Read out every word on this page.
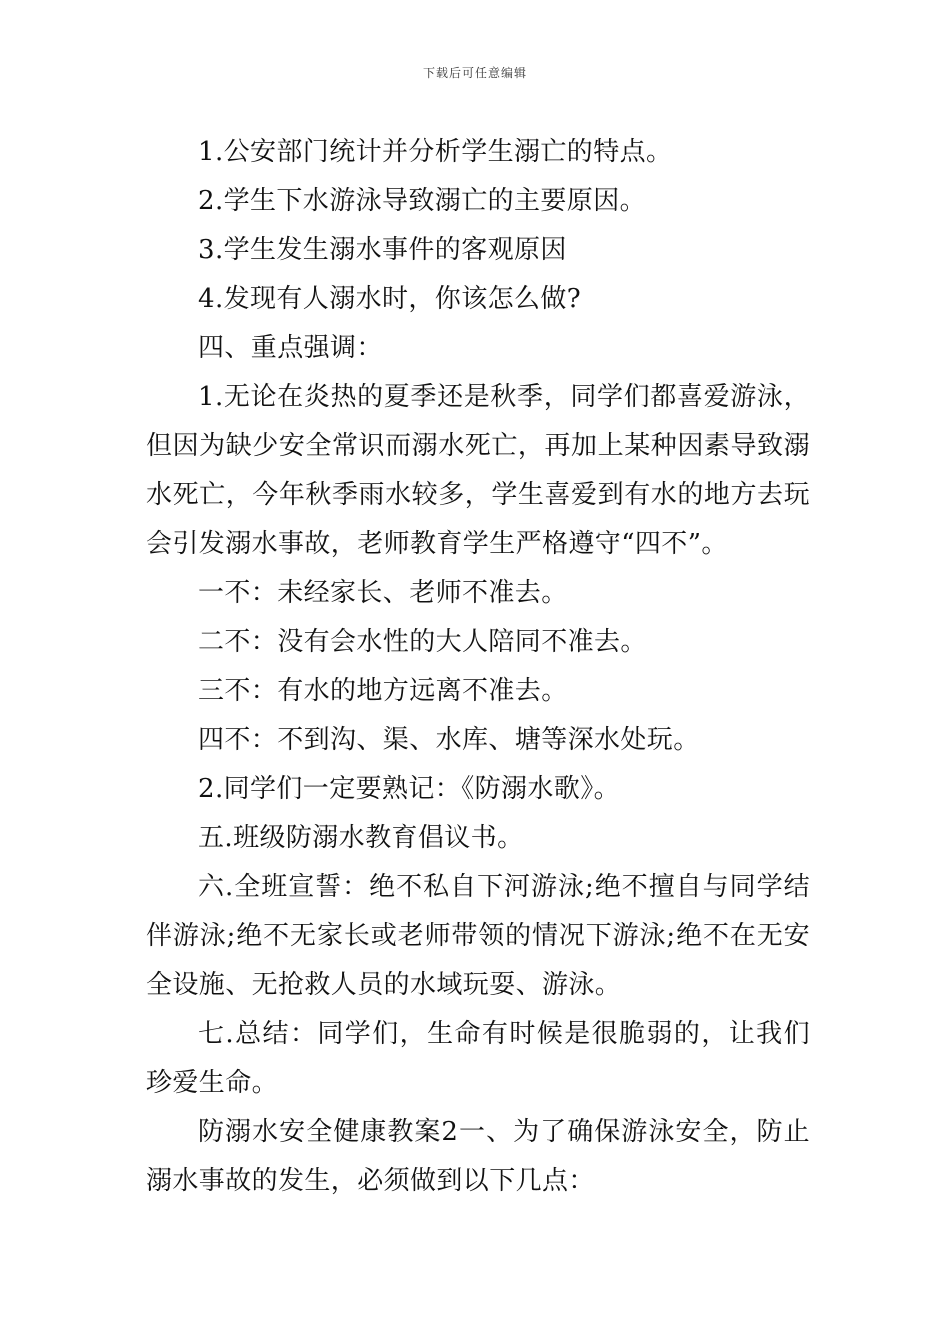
下载后可任意编辑

1.公安部门统计并分析学生溺亡的特点。

2.学生下水游泳导致溺亡的主要原因。

3.学生发生溺水事件的客观原因

4.发现有人溺水时，你该怎么做?

四、重点强调：

1.无论在炎热的夏季还是秋季，同学们都喜爱游泳，但因为缺少安全常识而溺水死亡，再加上某种因素导致溺水死亡，今年秋季雨水较多，学生喜爱到有水的地方去玩会引发溺水事故，老师教育学生严格遵守“四不”。

一不：未经家长、老师不准去。

二不：没有会水性的大人陪同不准去。

三不：有水的地方远离不准去。

四不：不到沟、渠、水库、塘等深水处玩。

2.同学们一定要熟记：《防溺水歌》。

五.班级防溺水教育倡议书。

六.全班宣誓：绝不私自下河游泳;绝不擅自与同学结伴游泳;绝不无家长或老师带领的情况下游泳;绝不在无安全设施、无抢救人员的水域玩耍、游泳。

七.总结：同学们，生命有时候是很脆弱的，让我们珍爱生命。

防溺水安全健康教案2一、为了确保游泳安全，防止溺水事故的发生，必须做到以下几点：
